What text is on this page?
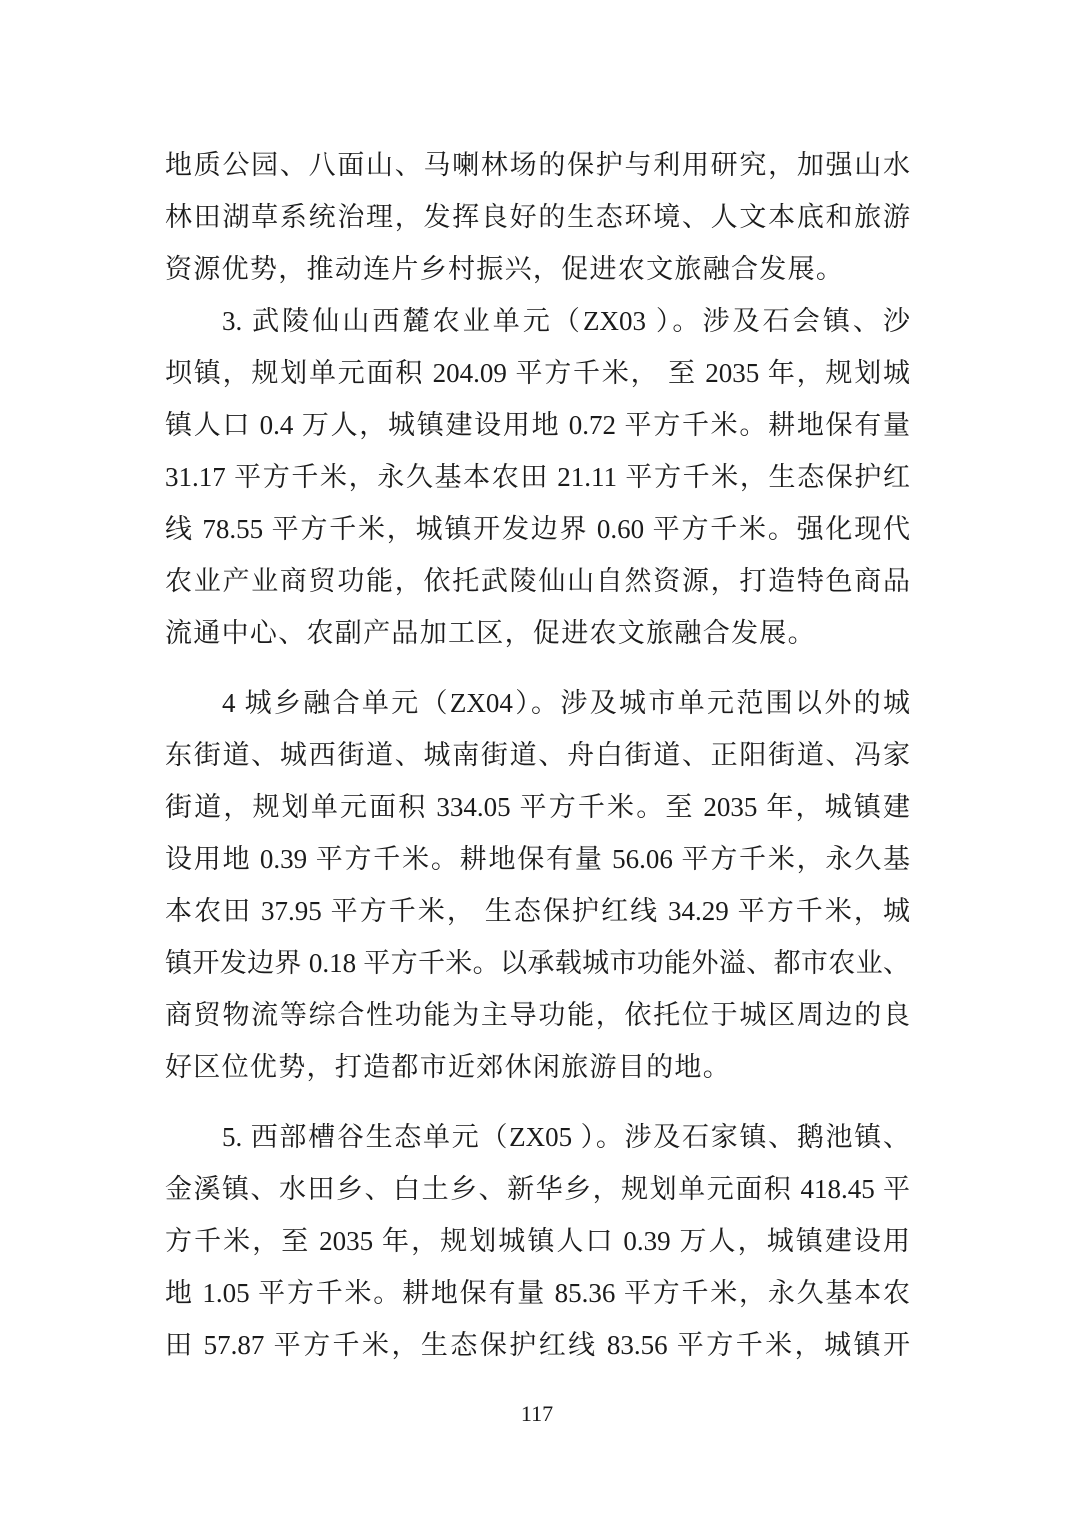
地质公园、八面山、马喇林场的保护与利用研究，加强山水
林田湖草系统治理，发挥良好的生态环境、人文本底和旅游
资源优势，推动连片乡村振兴，促进农文旅融合发展。
3. 武陵仙山西麓农业单元（ZX03 ）。涉及石会镇、沙
坝镇，规划单元面积 204.09 平方千米， 至 2035 年，规划城
镇人口 0.4 万人，城镇建设用地 0.72 平方千米。耕地保有量
31.17 平方千米，永久基本农田 21.11 平方千米，生态保护红
线 78.55 平方千米，城镇开发边界 0.60 平方千米。强化现代
农业产业商贸功能，依托武陵仙山自然资源，打造特色商品
流通中心、农副产品加工区，促进农文旅融合发展。
4 城乡融合单元（ZX04）。涉及城市单元范围以外的城
东街道、城西街道、城南街道、舟白街道、正阳街道、冯家
街道，规划单元面积 334.05 平方千米。至 2035 年，城镇建
设用地 0.39 平方千米。耕地保有量 56.06 平方千米，永久基
本农田 37.95 平方千米， 生态保护红线 34.29 平方千米，城
镇开发边界 0.18 平方千米。以承载城市功能外溢、都市农业、
商贸物流等综合性功能为主导功能，依托位于城区周边的良
好区位优势，打造都市近郊休闲旅游目的地。
5. 西部槽谷生态单元（ZX05 ）。涉及石家镇、鹅池镇、
金溪镇、水田乡、白土乡、新华乡，规划单元面积 418.45 平
方千米，至 2035 年，规划城镇人口 0.39 万人，城镇建设用
地 1.05 平方千米。耕地保有量 85.36 平方千米，永久基本农
田 57.87 平方千米，生态保护红线 83.56 平方千米，城镇开
117
